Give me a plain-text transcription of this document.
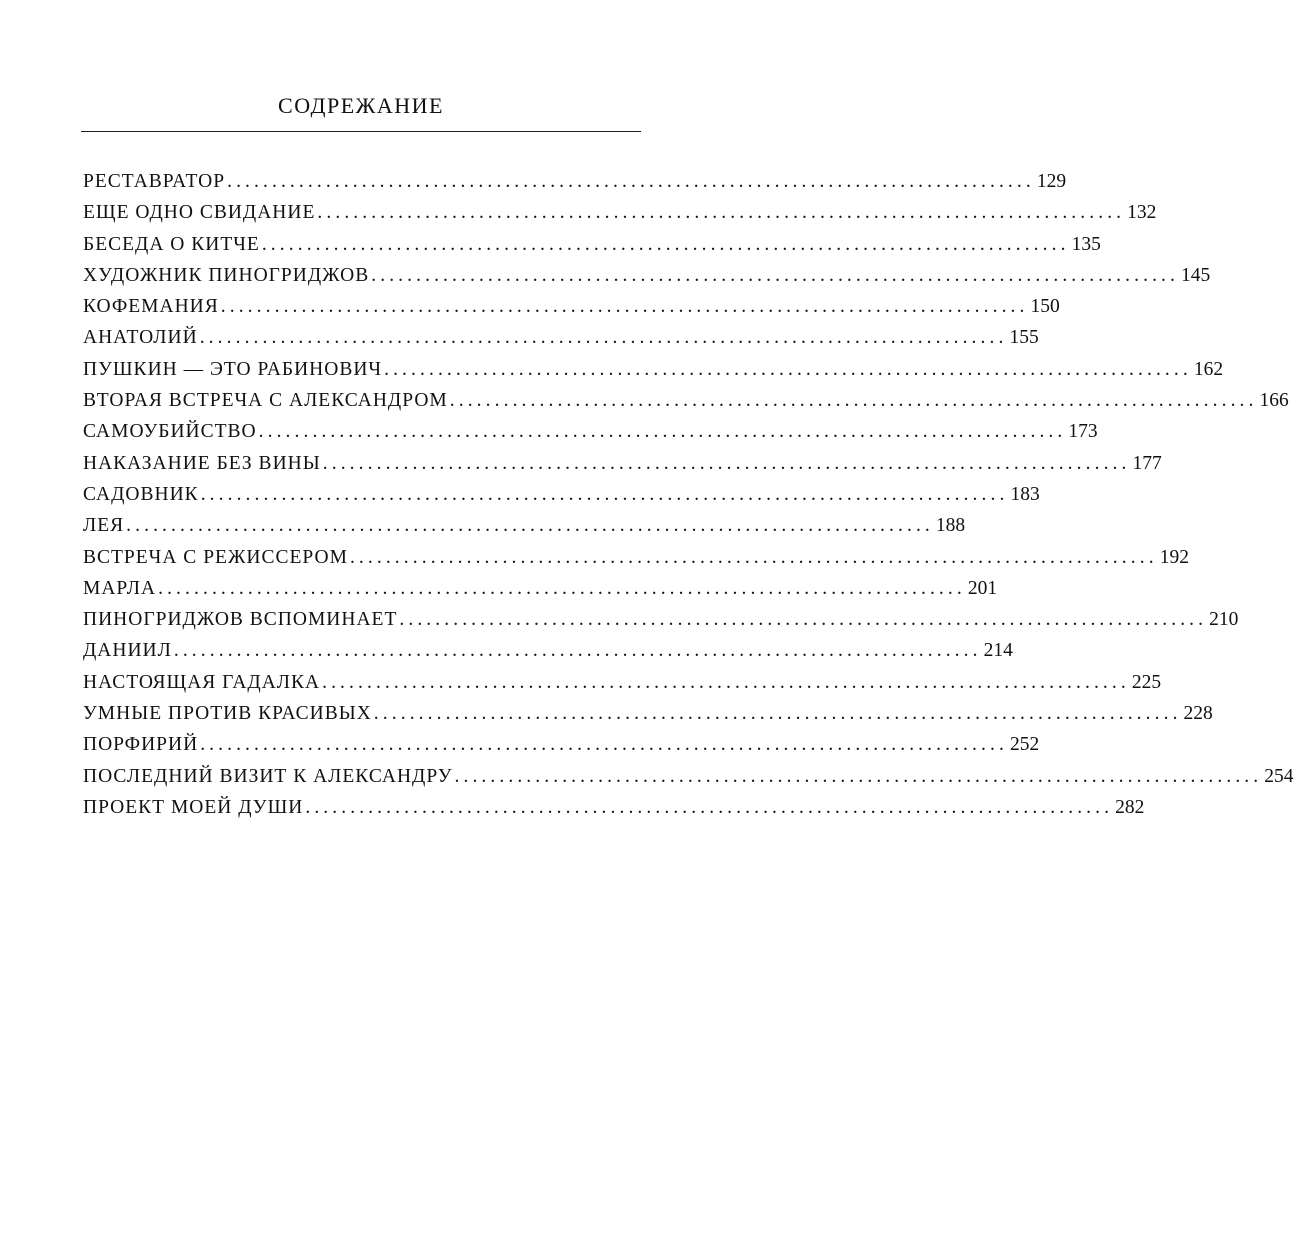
СОДРЕЖАНИЕ
РЕСТАВРАТОР .......................................................................................... 129
ЕЩЕ ОДНО СВИДАНИЕ .......................................................................................... 132
БЕСЕДА О КИТЧЕ .......................................................................................... 135
ХУДОЖНИК ПИНОГРИДЖОВ .......................................................................................... 145
КОФЕМАНИЯ .......................................................................................... 150
АНАТОЛИЙ .......................................................................................... 155
ПУШКИН — ЭТО РАБИНОВИЧ .......................................................................................... 162
ВТОРАЯ ВСТРЕЧА С АЛЕКСАНДРОМ .......................................................................................... 166
САМОУБИЙСТВО .......................................................................................... 173
НАКАЗАНИЕ БЕЗ ВИНЫ .......................................................................................... 177
САДОВНИК .......................................................................................... 183
ЛЕЯ .......................................................................................... 188
ВСТРЕЧА С РЕЖИССЕРОМ .......................................................................................... 192
МАРЛА .......................................................................................... 201
ПИНОГРИДЖОВ ВСПОМИНАЕТ .......................................................................................... 210
ДАНИИЛ .......................................................................................... 214
НАСТОЯЩАЯ ГАДАЛКА .......................................................................................... 225
УМНЫЕ ПРОТИВ КРАСИВЫХ .......................................................................................... 228
ПОРФИРИЙ .......................................................................................... 252
ПОСЛЕДНИЙ ВИЗИТ К АЛЕКСАНДРУ .......................................................................................... 254
ПРОЕКТ МОЕЙ ДУШИ .......................................................................................... 282
